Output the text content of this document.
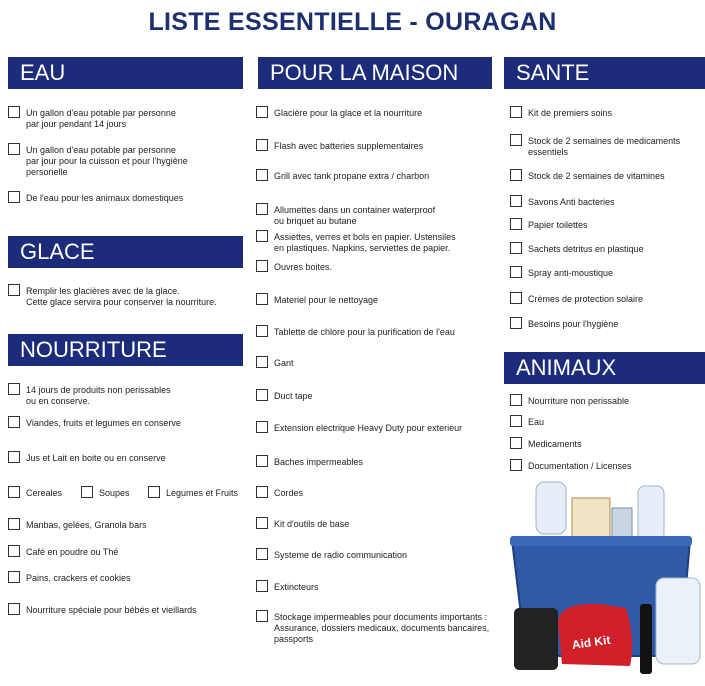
LISTE ESSENTIELLE - OURAGAN
EAU
GLACE
NOURRITURE
POUR LA MAISON	SANTE
ANIMAUX
Un gallon d'eau potable par personne
par jour pendant 14 jours
Un gallon d'eau potable par personne
par jour pour la cuisson et pour l'hygiène
personelle
De l'eau pour les animaux domestiques
Remplir les glacières avec de la glace.
Cette glace servira pour conserver la nourriture.
14 jours de produits non perissables
ou en conserve.
Viandes, fruits et legumes en conserve
Jus et Lait en boite ou en conserve
Cereales	Soupes	Legumes et Fruits
Manbas, gelées, Granola bars
Café en poudre ou Thé
Pains, crackers et cookies
Nourriture spéciale pour bébés et vieillards
Glacière pour la glace et la nourriture
Flash avec batteries supplementaires
Grill avec tank propane extra / charbon
Allumettes dans un container waterproof
ou briquet au butane
Assiettes, verres et bols en papier. Ustensiles
en plastiques. Napkins, serviettes de papier.
Ouvres boites.
Materiel pour le nettoyage
Tablette de chlore pour la purification de l'eau
Gant
Duct tape
Extension electrique Heavy Duty pour exterieur
Baches impermeables
Cordes
Kit d'outils de base
Systeme de radio communication
Extincteurs
Stockage impermeables pour documents importants :
Assurance, dossiers medicaux, documents bancaires,
passports
Kit de premiers soins
Stock de 2 semaines de medicaments
essentiels
Stock de 2 semaines de vitamines
Savons Anti bacteries
Papier toilettes
Sachets detritus en plastique
Spray anti-moustique
Crèmes de protection solaire
Besoins pour l'hygiène
Nourriture non perissable
Eau
Medicaments
Documentation / Licenses
Aid Kit
